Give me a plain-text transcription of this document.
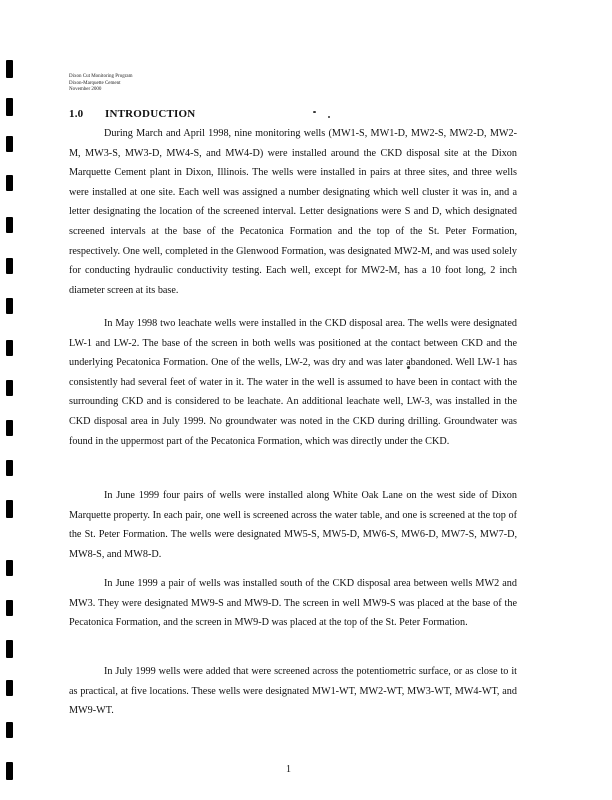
Dixon Cut Monitoring Program
Dixon-Marquette Cement
November 2000
1.0 INTRODUCTION

During March and April 1998, nine monitoring wells (MW1-S, MW1-D, MW2-S, MW2-D, MW2-M, MW3-S, MW3-D, MW4-S, and MW4-D) were installed around the CKD disposal site at the Dixon Marquette Cement plant in Dixon, Illinois. The wells were installed in pairs at three sites, and three wells were installed at one site. Each well was assigned a number designating which well cluster it was in, and a letter designating the location of the screened interval. Letter designations were S and D, which designated screened intervals at the base of the Pecatonica Formation and the top of the St. Peter Formation, respectively. One well, completed in the Glenwood Formation, was designated MW2-M, and was used solely for conducting hydraulic conductivity testing. Each well, except for MW2-M, has a 10 foot long, 2 inch diameter screen at its base.

In May 1998 two leachate wells were installed in the CKD disposal area. The wells were designated LW-1 and LW-2. The base of the screen in both wells was positioned at the contact between CKD and the underlying Pecatonica Formation. One of the wells, LW-2, was dry and was later abandoned. Well LW-1 has consistently had several feet of water in it. The water in the well is assumed to have been in contact with the surrounding CKD and is considered to be leachate. An additional leachate well, LW-3, was installed in the CKD disposal area in July 1999. No groundwater was noted in the CKD during drilling. Groundwater was found in the uppermost part of the Pecatonica Formation, which was directly under the CKD.

In June 1999 four pairs of wells were installed along White Oak Lane on the west side of Dixon Marquette property. In each pair, one well is screened across the water table, and one is screened at the top of the St. Peter Formation. The wells were designated MW5-S, MW5-D, MW6-S, MW6-D, MW7-S, MW7-D, MW8-S, and MW8-D.

In June 1999 a pair of wells was installed south of the CKD disposal area between wells MW2 and MW3. They were designated MW9-S and MW9-D. The screen in well MW9-S was placed at the base of the Pecatonica Formation, and the screen in MW9-D was placed at the top of the St. Peter Formation.

In July 1999 wells were added that were screened across the potentiometric surface, or as close to it as practical, at five locations. These wells were designated MW1-WT, MW2-WT, MW3-WT, MW4-WT, and MW9-WT.

1
